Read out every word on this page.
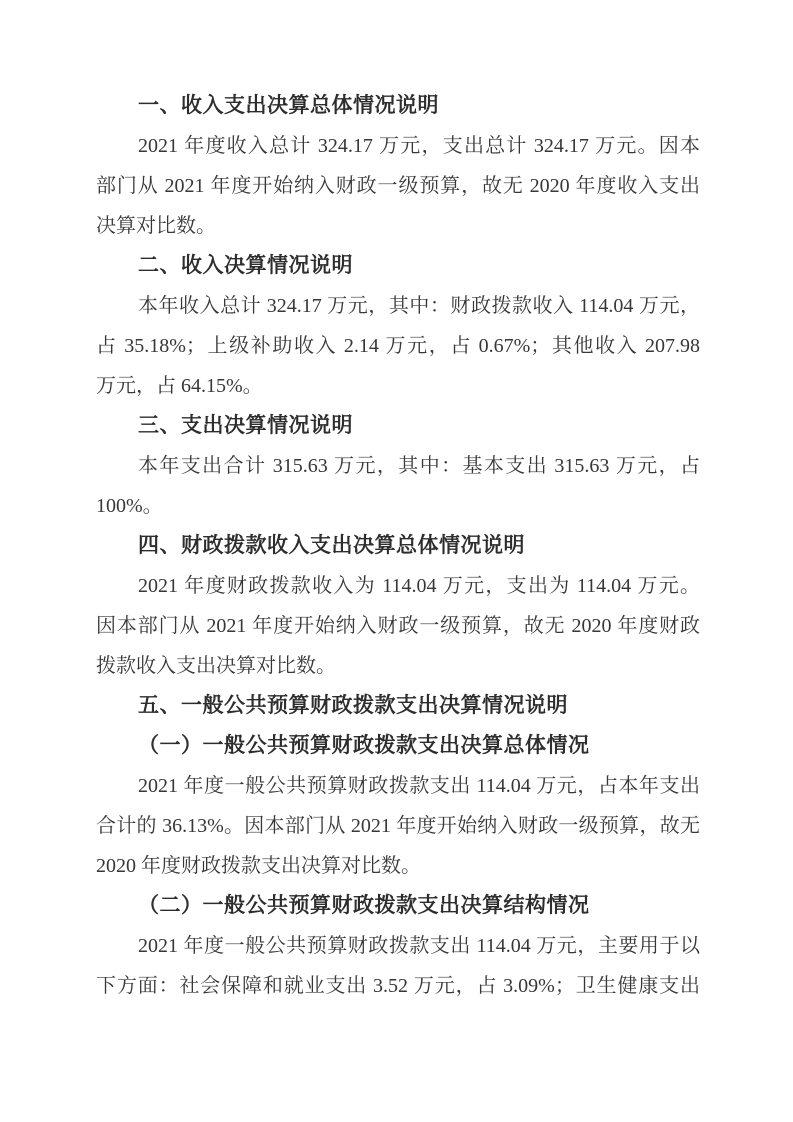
一、收入支出决算总体情况说明
2021 年度收入总计 324.17 万元，支出总计 324.17 万元。因本
部门从 2021 年度开始纳入财政一级预算，故无 2020 年度收入支出
决算对比数。
二、收入决算情况说明
本年收入总计 324.17 万元，其中：财政拨款收入 114.04 万元，
占 35.18%；上级补助收入 2.14 万元，占 0.67%；其他收入 207.98
万元，占 64.15%。
三、支出决算情况说明
本年支出合计 315.63 万元，其中：基本支出 315.63 万元，占
100%。
四、财政拨款收入支出决算总体情况说明
2021 年度财政拨款收入为 114.04 万元，支出为 114.04 万元。
因本部门从 2021 年度开始纳入财政一级预算，故无 2020 年度财政
拨款收入支出决算对比数。
五、一般公共预算财政拨款支出决算情况说明
（一）一般公共预算财政拨款支出决算总体情况
2021 年度一般公共预算财政拨款支出 114.04 万元，占本年支出
合计的 36.13%。因本部门从 2021 年度开始纳入财政一级预算，故无
2020 年度财政拨款支出决算对比数。
（二）一般公共预算财政拨款支出决算结构情况
2021 年度一般公共预算财政拨款支出 114.04 万元，主要用于以
下方面：社会保障和就业支出 3.52 万元，占 3.09%；卫生健康支出
